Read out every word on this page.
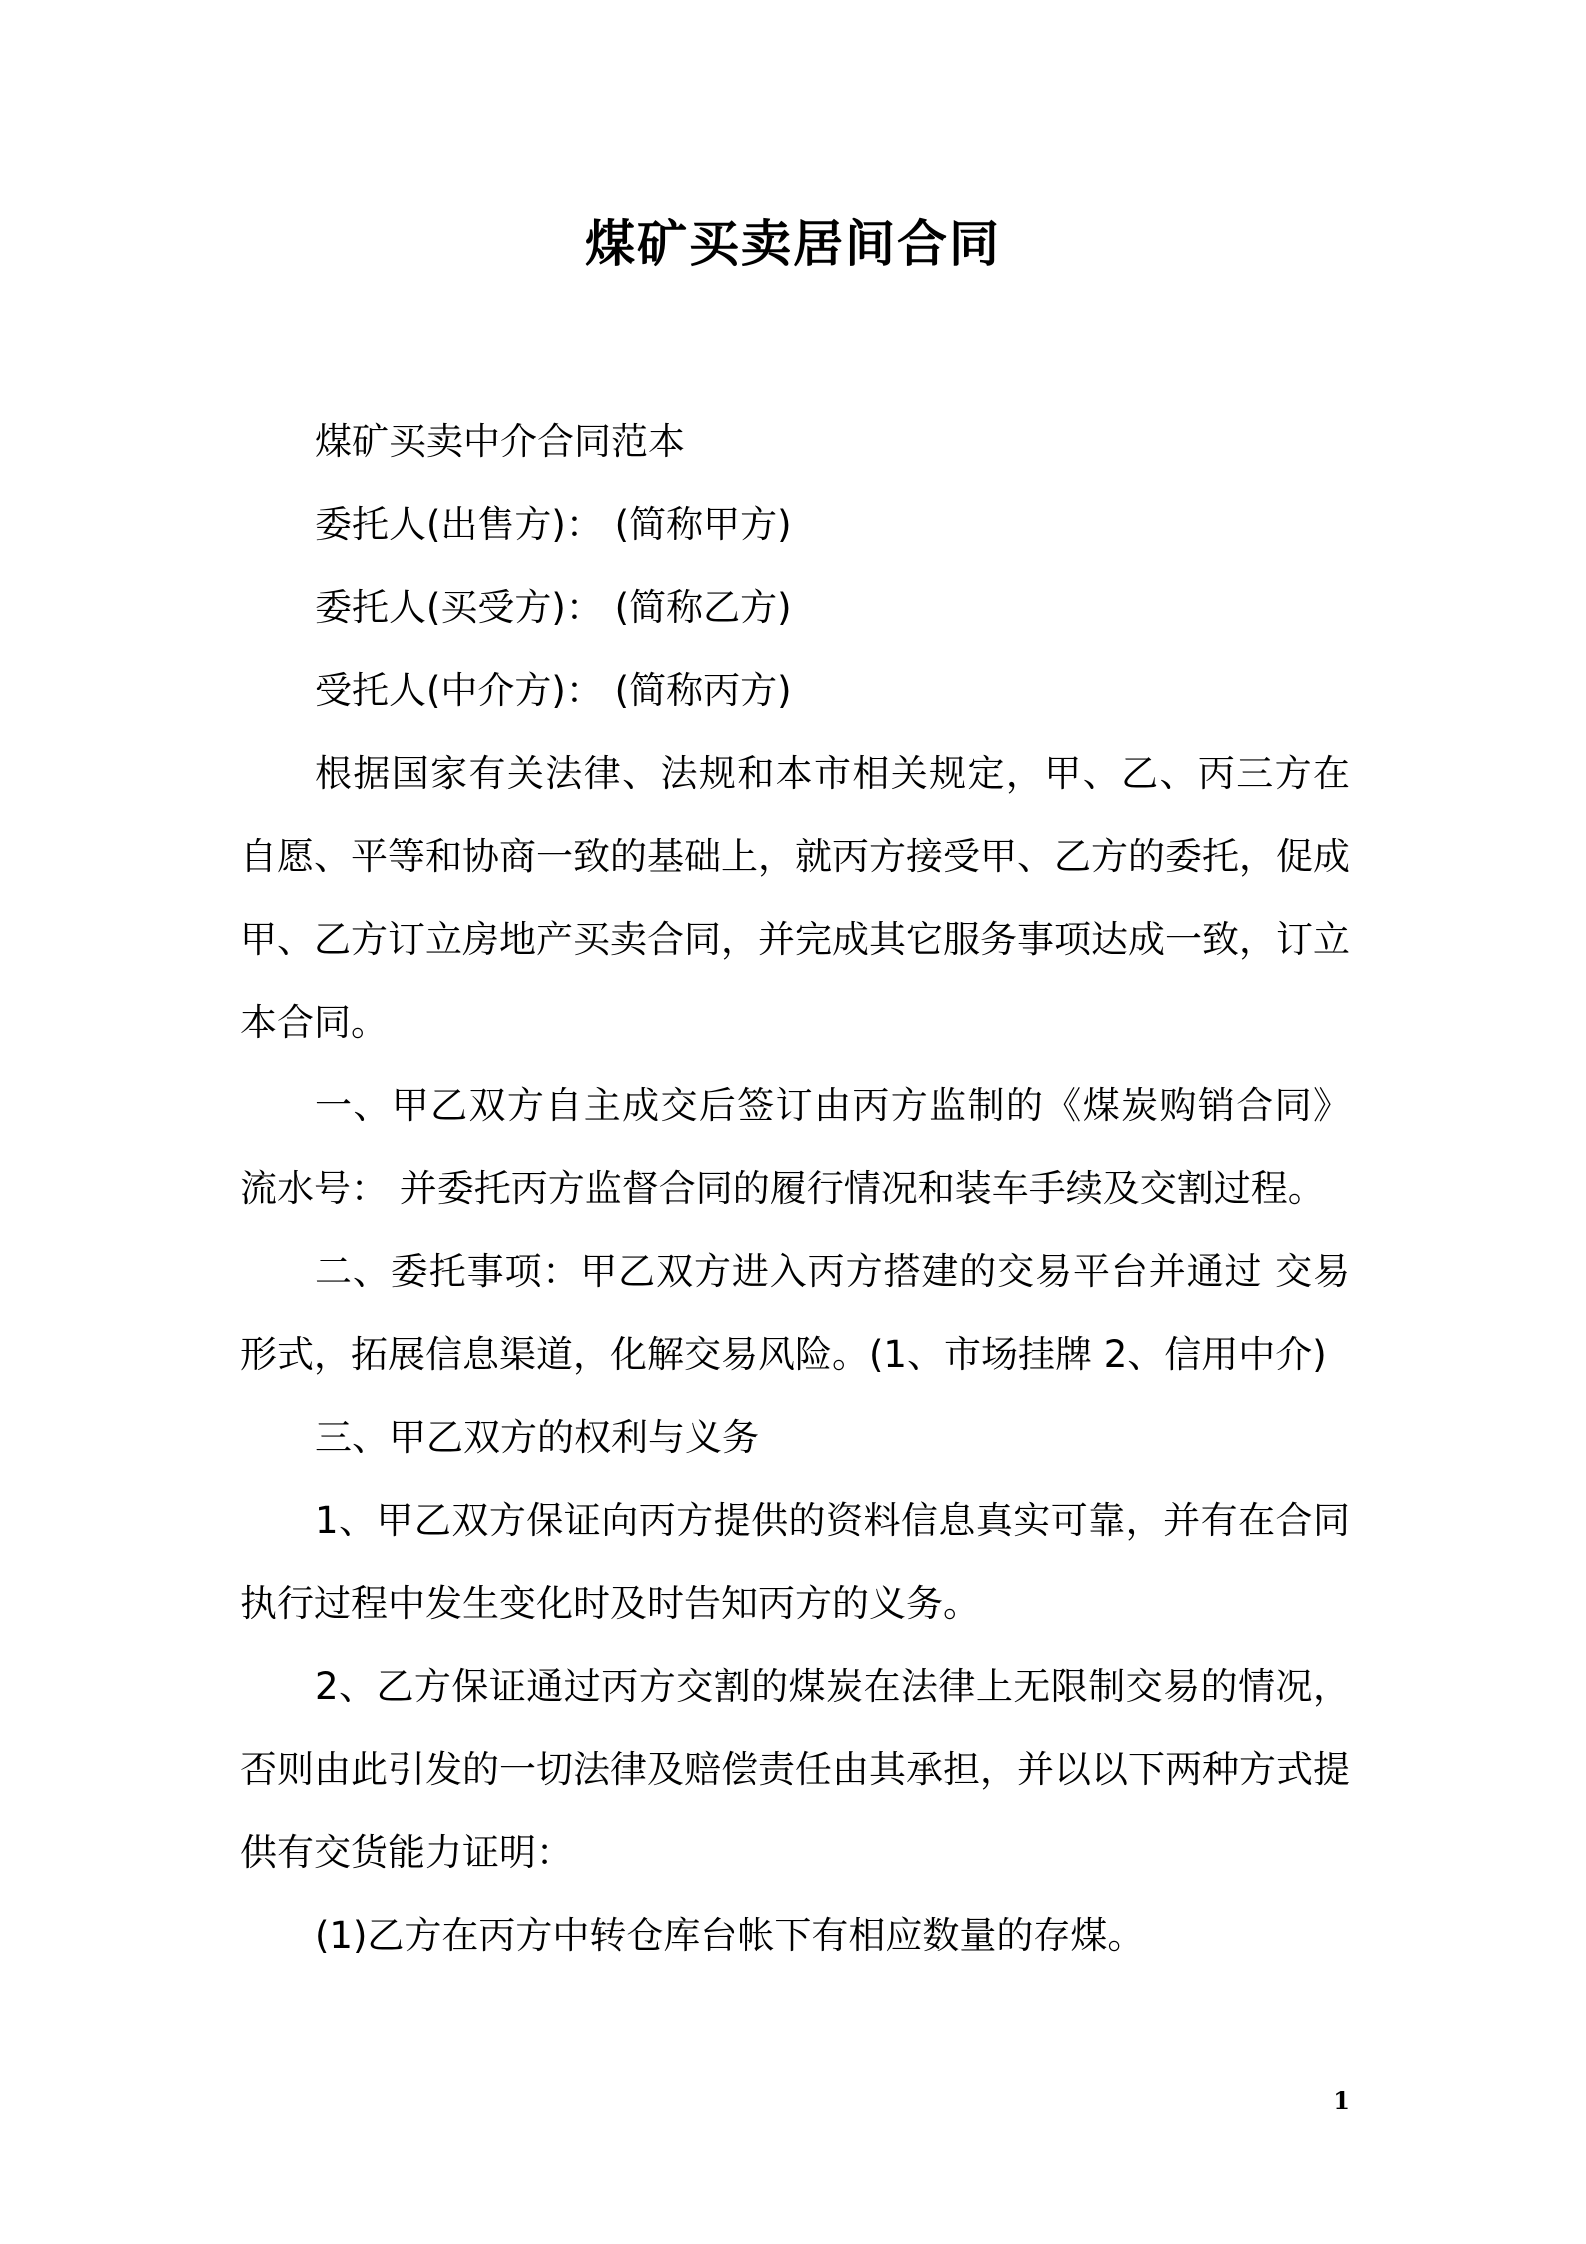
煤矿买卖居间合同

煤矿买卖中介合同范本

委托人(出售方)： (简称甲方)

委托人(买受方)： (简称乙方)

受托人(中介方)： (简称丙方)

根据国家有关法律、法规和本市相关规定，甲、乙、丙三方在自愿、平等和协商一致的基础上，就丙方接受甲、乙方的委托，促成甲、乙方订立房地产买卖合同，并完成其它服务事项达成一致，订立本合同。

一、甲乙双方自主成交后签订由丙方监制的《煤炭购销合同》流水号： 并委托丙方监督合同的履行情况和装车手续及交割过程。

二、委托事项：甲乙双方进入丙方搭建的交易平台并通过 交易形式，拓展信息渠道，化解交易风险。(1、市场挂牌 2、信用中介)

三、甲乙双方的权利与义务

1、甲乙双方保证向丙方提供的资料信息真实可靠，并有在合同执行过程中发生变化时及时告知丙方的义务。

2、乙方保证通过丙方交割的煤炭在法律上无限制交易的情况，否则由此引发的一切法律及赔偿责任由其承担，并以以下两种方式提供有交货能力证明：

(1)乙方在丙方中转仓库台帐下有相应数量的存煤。

1
